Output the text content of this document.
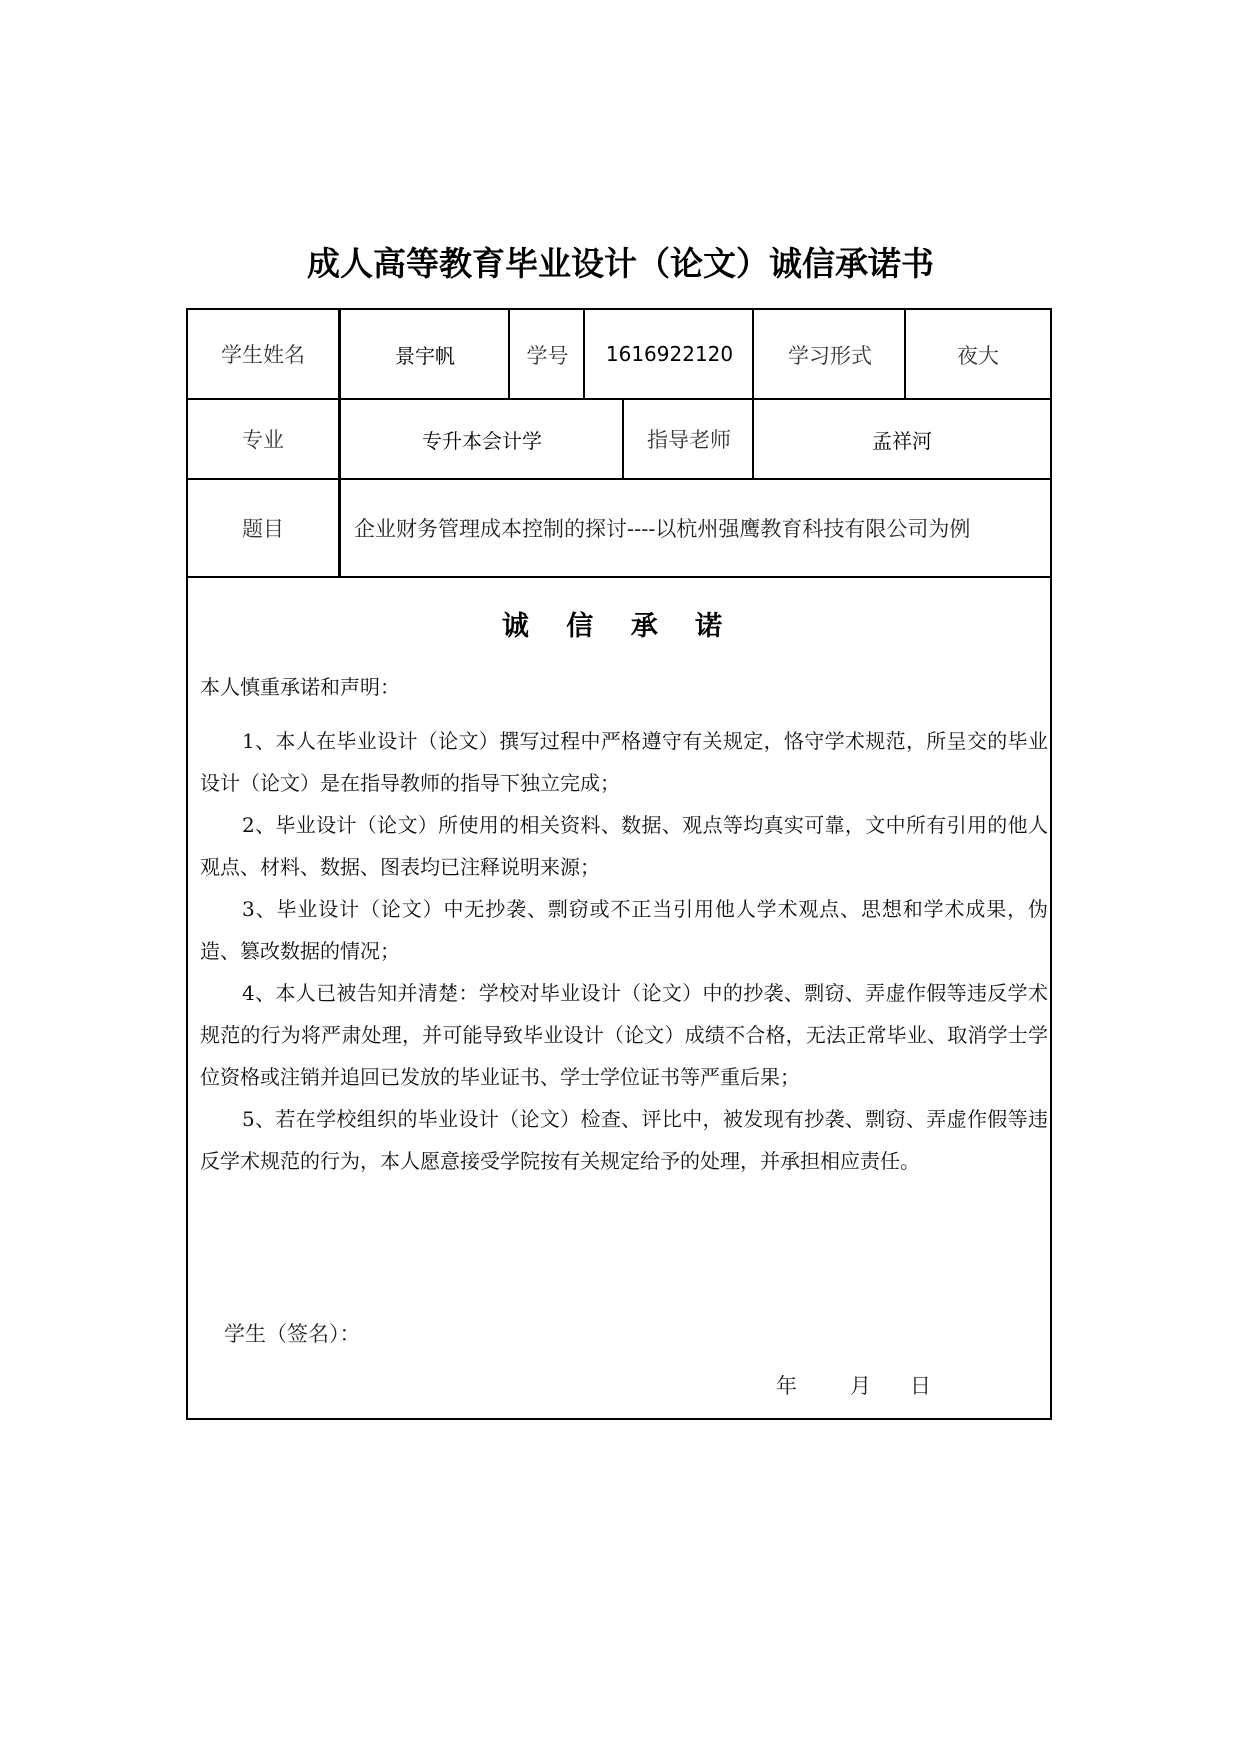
成人高等教育毕业设计（论文）诚信承诺书
学生姓名	景宇帆	学号	1616922120	学习形式	夜大
专业	专升本会计学	指导老师	孟祥河
题目	企业财务管理成本控制的探讨----以杭州强鹰教育科技有限公司为例
诚 信 承 诺

本人慎重承诺和声明：

1、本人在毕业设计（论文）撰写过程中严格遵守有关规定，恪守学术规范，所呈交的毕业设计（论文）是在指导教师的指导下独立完成；

2、毕业设计（论文）所使用的相关资料、数据、观点等均真实可靠，文中所有引用的他人观点、材料、数据、图表均已注释说明来源；

3、毕业设计（论文）中无抄袭、剽窃或不正当引用他人学术观点、思想和学术成果，伪造、篡改数据的情况；

4、本人已被告知并清楚：学校对毕业设计（论文）中的抄袭、剽窃、弄虚作假等违反学术规范的行为将严肃处理，并可能导致毕业设计（论文）成绩不合格，无法正常毕业、取消学士学位资格或注销并追回已发放的毕业证书、学士学位证书等严重后果；

5、若在学校组织的毕业设计（论文）检查、评比中，被发现有抄袭、剽窃、弄虚作假等违反学术规范的行为，本人愿意接受学院按有关规定给予的处理，并承担相应责任。

学生（签名）：
年	月 日
